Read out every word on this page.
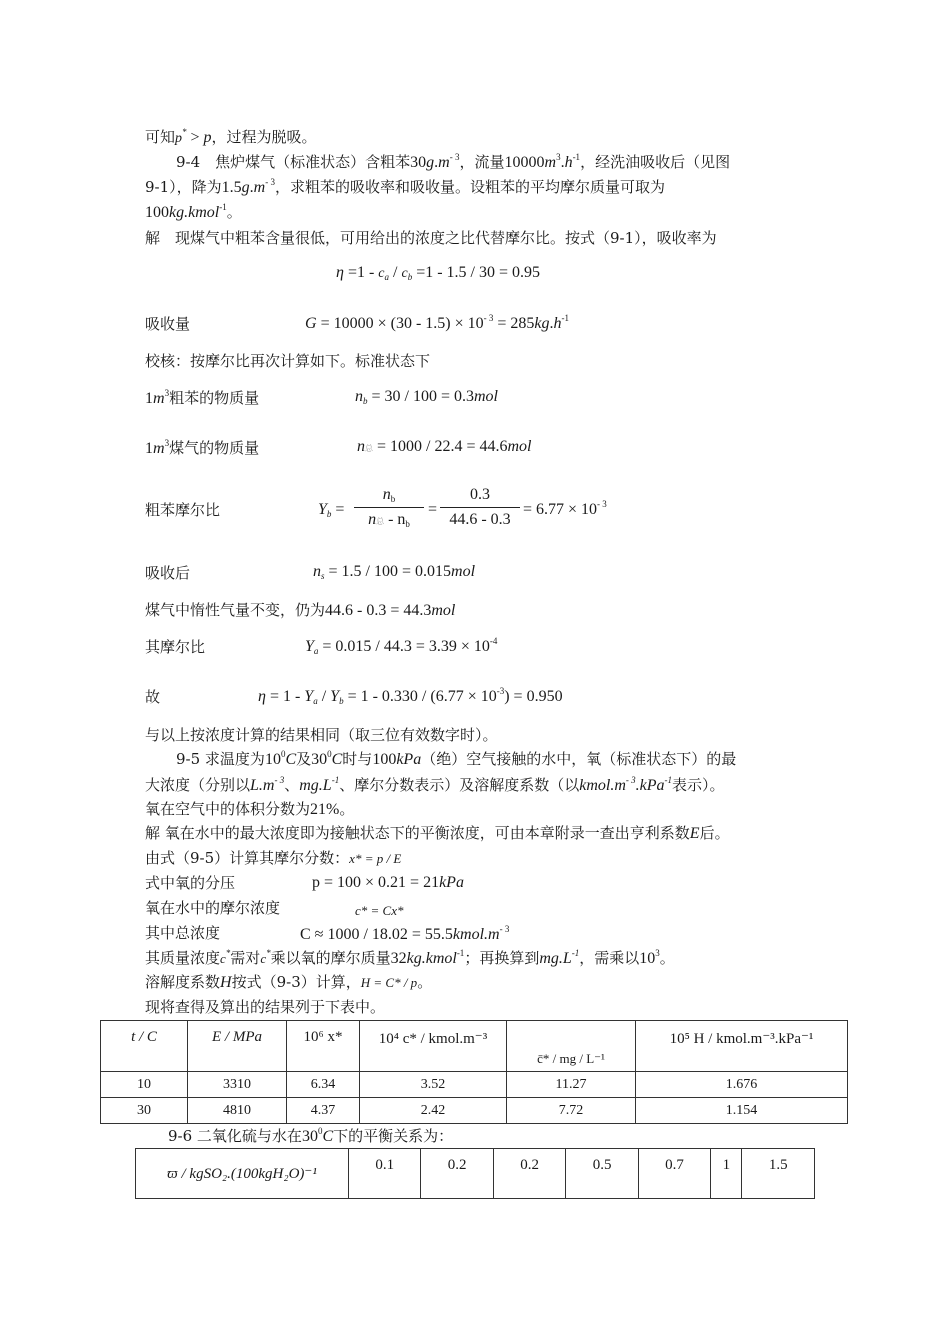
可知p* > p，过程为脱吸。
9-4　焦炉煤气（标准状态）含粗苯$30g.m^{- 3}$，流量$10000m^3.h^{-1}$，经洗油吸收后（见图
9-1），降为$1.5g.m^{- 3}$，求粗苯的吸收率和吸收量。设粗苯的平均摩尔质量可取为
100kg.kmol$^{-1}$。
解　现煤气中粗苯含量很低，可用给出的浓度之比代替摩尔比。按式（9-1），吸收率为
$\eta =1 - c_a / c_b =1 - 1.5 / 30 = 0.95$
吸收量	$G = 10000 \times (30 - 1.5) \times 10^{- 3} = 285kg.h^{-1}$
校核：按摩尔比再次计算如下。标准状态下
$1m^3$粗苯的物质量	$n_b = 30 / 100 = 0.3mol$
$1m^3$煤气的物质量	n总 = 1000 / 22.4 = 44.6mol
粗苯摩尔比	$Y_b$ =
$n_b$
n总 - $n_b$
= $\frac{0.3}{44.6 - 0.3} = 6.77 \times 10^{- 3}$
吸收后	$n_s = 1.5 / 100 = 0.015mol$
煤气中惰性气量不变，仍为44.6 - 0.3 = 44.3mol
其摩尔比	$Y_a = 0.015 / 44.3 = 3.39 \times 10^{-4}$
故	$\eta = 1 - Y_a / Y_b = 1 - 0.330 / (6.77 \times 10^{-3}) = 0.950$
与以上按浓度计算的结果相同（取三位有效数字时）。
9-5 求温度为$10^0C$及$30^0C$时与100kPa（绝）空气接触的水中，氧（标准状态下）的最
大浓度（分别以$L.m^{- 3}$、$mg.L^{-1}$、摩尔分数表示）及溶解度系数（以$kmol.m^{- 3}.kPa^{-1}$表示）。
氧在空气中的体积分数为21%。
解 氧在水中的最大浓度即为接触状态下的平衡浓度，可由本章附录一查出亨利系数E后。
由式（9-5）计算其摩尔分数：x* = p / E
式中氧的分压	p = 100 × 0.21 = 21kPa
氧在水中的摩尔浓度	c* = Cx*
其中总浓度	$C \approx 1000 / 18.02 = 55.5kmol.m^{- 3}$
其质量浓度c*需对c*乘以氧的摩尔质量32kg.kmol$^{-1}$；再换算到$mg.L^{-1}$，需乘以$10^3$。
溶解度系数H按式（9-3）计算，H = C* / p。
现将查得及算出的结果列于下表中。
t / C	E / MPa	10⁶ x*	10⁴ c* / kmol.m⁻³	c̄* / mg / L⁻¹	10⁵ H / kmol.m⁻³.kPa⁻¹
10	3310	6.34	3.52	11.27	1.676
30	4810	4.37	2.42	7.72	1.154
9-6 二氧化硫与水在$30^0C$下的平衡关系为：
ϖ / kgSO₂.(100kgH₂O)⁻¹	0.1	0.2	0.2	0.5	0.7	1	1.5
